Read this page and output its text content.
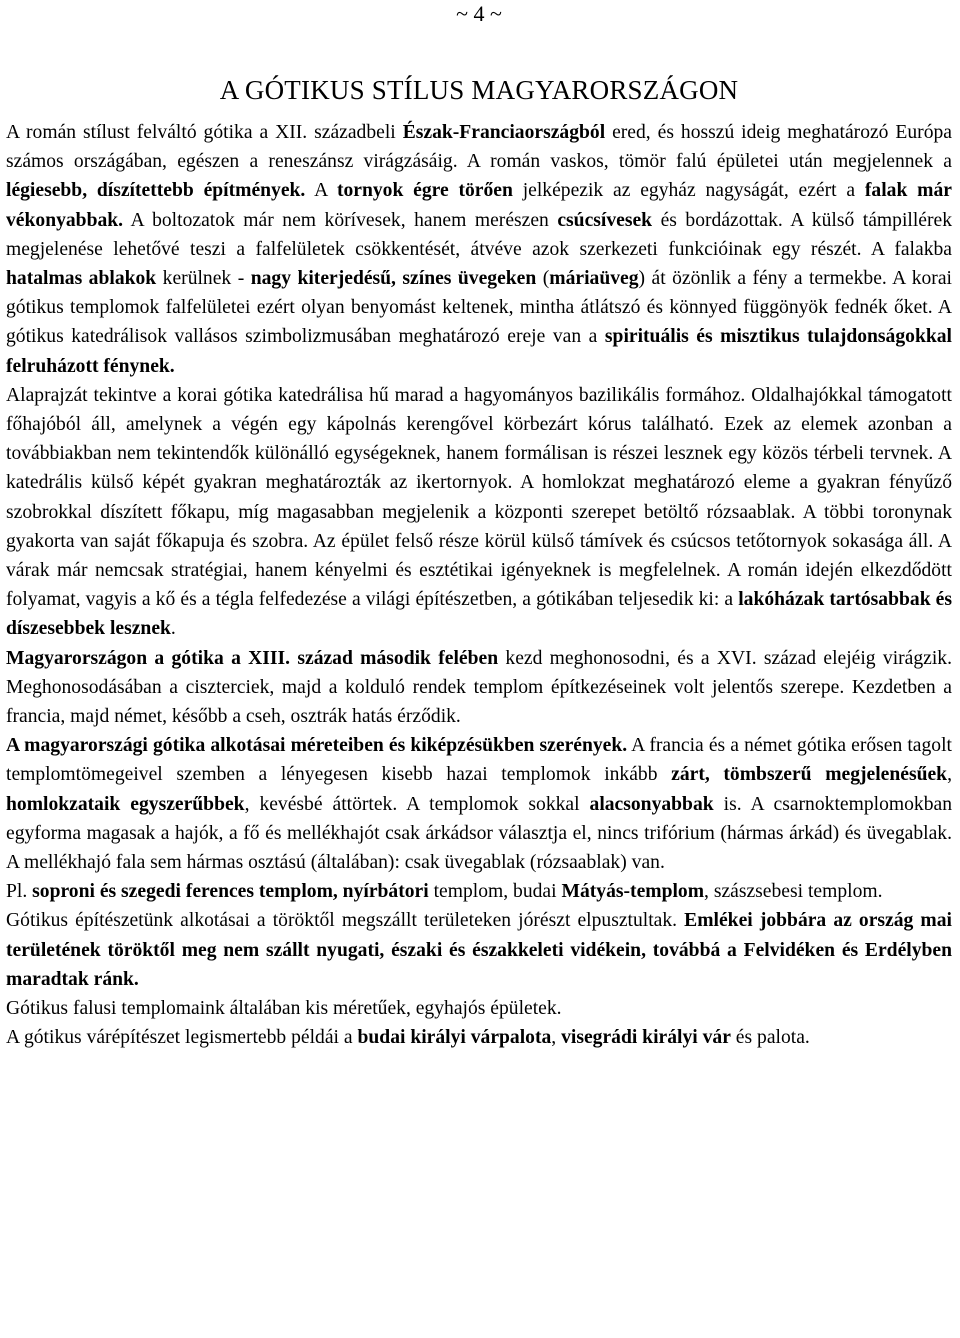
~ 4 ~
A GÓTIKUS STÍLUS MAGYARORSZÁGON

A román stílust felváltó gótika a XII. századbeli Észak-Franciaországból ered, és hosszú ideig meghatározó Európa számos országában, egészen a reneszánsz virágzásáig. A román vaskos, tömör falú épületei után megjelennek a légiesebb, díszítettebb építmények. A tornyok égre törően jelképezik az egyház nagyságát, ezért a falak már vékonyabbak. A boltozatok már nem körívesek, hanem merészen csúcsívesek és bordázottak. A külső támpillérek megjelenése lehetővé teszi a falfelületek csökkentését, átvéve azok szerkezeti funkcióinak egy részét. A falakba hatalmas ablakok kerülnek - nagy kiterjedésű, színes üvegeken (máriaüveg) át özönlik a fény a termekbe. A korai gótikus templomok falfelületei ezért olyan benyomást keltenek, mintha átlátszó és könnyed függönyök fednék őket. A gótikus katedrálisok vallásos szimbolizmusában meghatározó ereje van a spirituális és misztikus tulajdonságokkal felruházott fénynek.

Alaprajzát tekintve a korai gótika katedrálisa hű marad a hagyományos bazilikális formához. Oldalhajókkal támogatott főhajóból áll, amelynek a végén egy kápolnás kerengővel körbezárt kórus található. Ezek az elemek azonban a továbbiakban nem tekintendők különálló egységeknek, hanem formálisan is részei lesznek egy közös térbeli tervnek. A katedrális külső képét gyakran meghatározták az ikertornyok. A homlokzat meghatározó eleme a gyakran fényűző szobrokkal díszített főkapu, míg magasabban megjelenik a központi szerepet betöltő rózsaablak. A többi toronynak gyakorta van saját főkapuja és szobra. Az épület felső része körül külső támívek és csúcsos tetőtornyok sokasága áll. A várak már nemcsak stratégiai, hanem kényelmi és esztétikai igényeknek is megfelelnek. A román idején elkezdődött folyamat, vagyis a kő és a tégla felfedezése a világi építészetben, a gótikában teljesedik ki: a lakóházak tartósabbak és díszesebbek lesznek.

Magyarországon a gótika a XIII. század második felében kezd meghonosodni, és a XVI. század elejéig virágzik. Meghonosodásában a ciszterciek, majd a kolduló rendek templom építkezéseinek volt jelentős szerepe. Kezdetben a francia, majd német, később a cseh, osztrák hatás érződik.

A magyarországi gótika alkotásai méreteiben és kiképzésükben szerények. A francia és a német gótika erősen tagolt templomtömegeivel szemben a lényegesen kisebb hazai templomok inkább zárt, tömbszerű megjelenésűek, homlokzataik egyszerűbbek, kevésbé áttörtek. A templomok sokkal alacsonyabbak is. A csarnoktemplomokban egyforma magasak a hajók, a fő és mellékhajót csak árkádsor választja el, nincs trifórium (hármas árkád) és üvegablak. A mellékhajó fala sem hármas osztású (általában): csak üvegablak (rózsaablak) van.

Pl. soproni és szegedi ferences templom, nyírbátori templom, budai Mátyás-templom, szászsebesi templom.

Gótikus építészetünk alkotásai a töröktől megszállt területeken jórészt elpusztultak. Emlékei jobbára az ország mai területének töröktől meg nem szállt nyugati, északi és északkeleti vidékein, továbbá a Felvidéken és Erdélyben maradtak ránk.

Gótikus falusi templomaink általában kis méretűek, egyhajós épületek.

A gótikus várépítészet legismertebb példái a budai királyi várpalota, visegrádi királyi vár és palota.
